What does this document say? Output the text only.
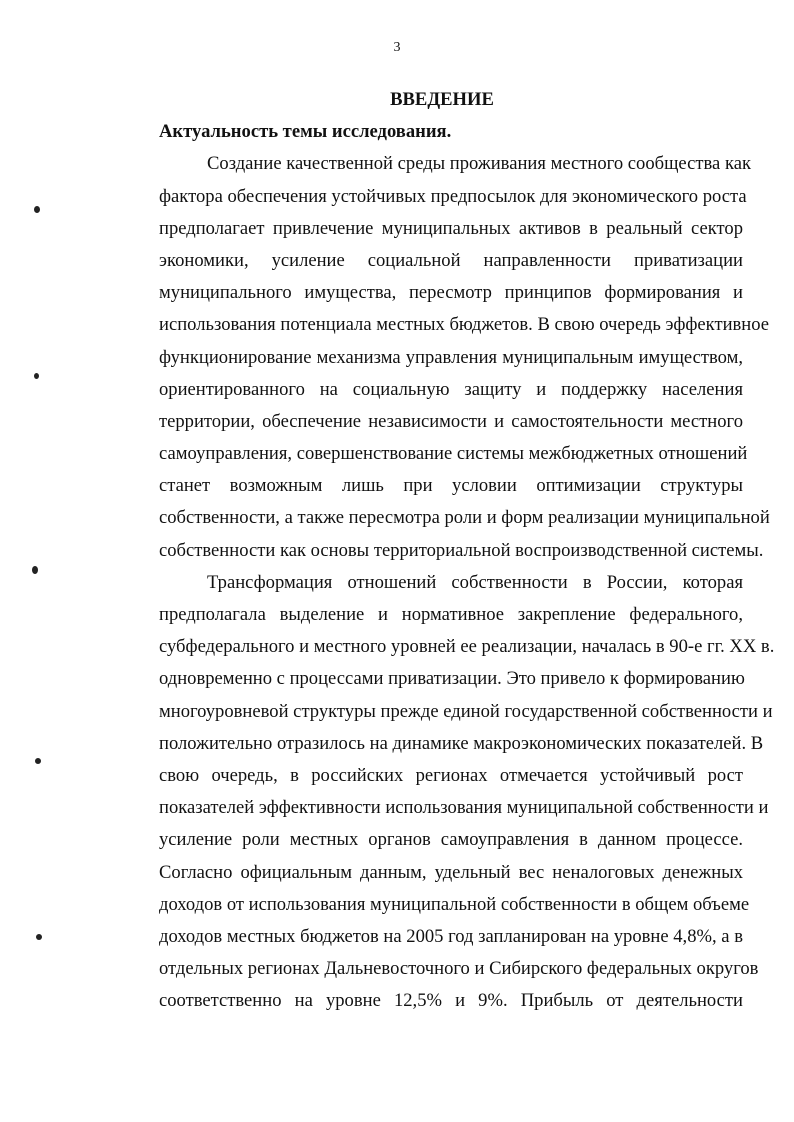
3
ВВЕДЕНИЕ
Актуальность темы исследования.
Создание качественной среды проживания местного сообщества как
фактора обеспечения устойчивых предпосылок для экономического роста
предполагает привлечение муниципальных активов в реальный сектор
экономики, усиление социальной направленности приватизации
муниципального имущества, пересмотр принципов формирования и
использования потенциала местных бюджетов. В свою очередь эффективное
функционирование механизма управления муниципальным имуществом,
ориентированного на социальную защиту и поддержку населения
территории, обеспечение независимости и самостоятельности местного
самоуправления, совершенствование системы межбюджетных отношений
станет возможным лишь при условии оптимизации структуры
собственности, а также пересмотра роли и форм реализации муниципальной
собственности как основы территориальной воспроизводственной системы.
Трансформация отношений собственности в России, которая
предполагала выделение и нормативное закрепление федерального,
субфедерального и местного уровней ее реализации, началась в 90-е гг. XX в.
одновременно с процессами приватизации. Это привело к формированию
многоуровневой структуры прежде единой государственной собственности и
положительно отразилось на динамике макроэкономических показателей. В
свою очередь, в российских регионах отмечается устойчивый рост
показателей эффективности использования муниципальной собственности и
усиление роли местных органов самоуправления в данном процессе.
Согласно официальным данным, удельный вес неналоговых денежных
доходов от использования муниципальной собственности в общем объеме
доходов местных бюджетов на 2005 год запланирован на уровне 4,8%, а в
отдельных регионах Дальневосточного и Сибирского федеральных округов
соответственно на уровне 12,5% и 9%. Прибыль от деятельности
